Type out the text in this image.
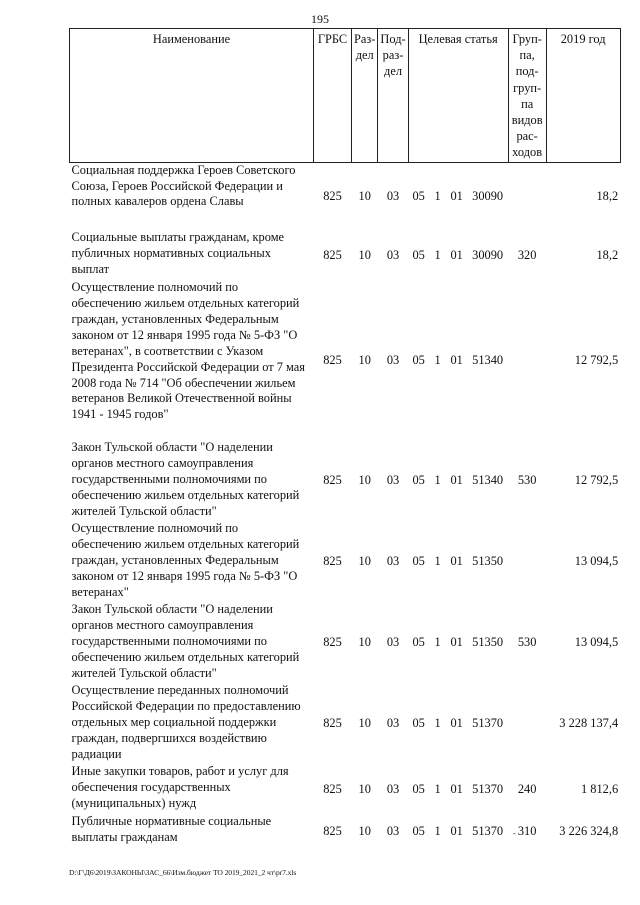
195
Наименование	ГРБС	Раз-дел	Под-раз-дел	Целевая статья				Груп-па, под-груп-па видов рас-ходов	2019 год
Социальная поддержка Героев Советского Союза, Героев Российской Федерации и полных кавалеров ордена Славы	825	10	03	05	1	01	30090		18,2
Социальные выплаты гражданам, кроме публичных нормативных социальных выплат	825	10	03	05	1	01	30090	320	18,2
Осуществление полномочий по обеспечению жильем отдельных категорий граждан, установленных Федеральным законом от 12 января 1995 года № 5-ФЗ "О ветеранах", в соответствии с Указом Президента Российской Федерации от 7 мая 2008 года № 714 "Об обеспечении жильем ветеранов Великой Отечественной войны 1941 - 1945 годов"	825	10	03	05	1	01	51340		12 792,5
Закон Тульской области "О наделении органов местного самоуправления государственными полномочиями по обеспечению жильем отдельных категорий жителей Тульской области"	825	10	03	05	1	01	51340	530	12 792,5
Осуществление полномочий по обеспечению жильем отдельных категорий граждан, установленных Федеральным законом от 12 января 1995 года № 5-ФЗ "О ветеранах"	825	10	03	05	1	01	51350		13 094,5
Закон Тульской области "О наделении органов местного самоуправления государственными полномочиями по обеспечению жильем отдельных категорий жителей Тульской области"	825	10	03	05	1	01	51350	530	13 094,5
Осуществление переданных полномочий Российской Федерации по предоставлению отдельных мер социальной поддержки граждан, подвергшихся воздействию радиации	825	10	03	05	1	01	51370		3 228 137,4
Иные закупки товаров, работ и услуг для обеспечения государственных (муниципальных) нужд	825	10	03	05	1	01	51370	240	1 812,6
Публичные нормативные социальные выплаты гражданам	825	10	03	05	1	01	51370	310	3 226 324,8
-
D:\Г\Д6\2019\ЗАКОНЫ\ЗАС_66\Изм.бюджет ТО 2019_2021_2 чт\pr7.xls
